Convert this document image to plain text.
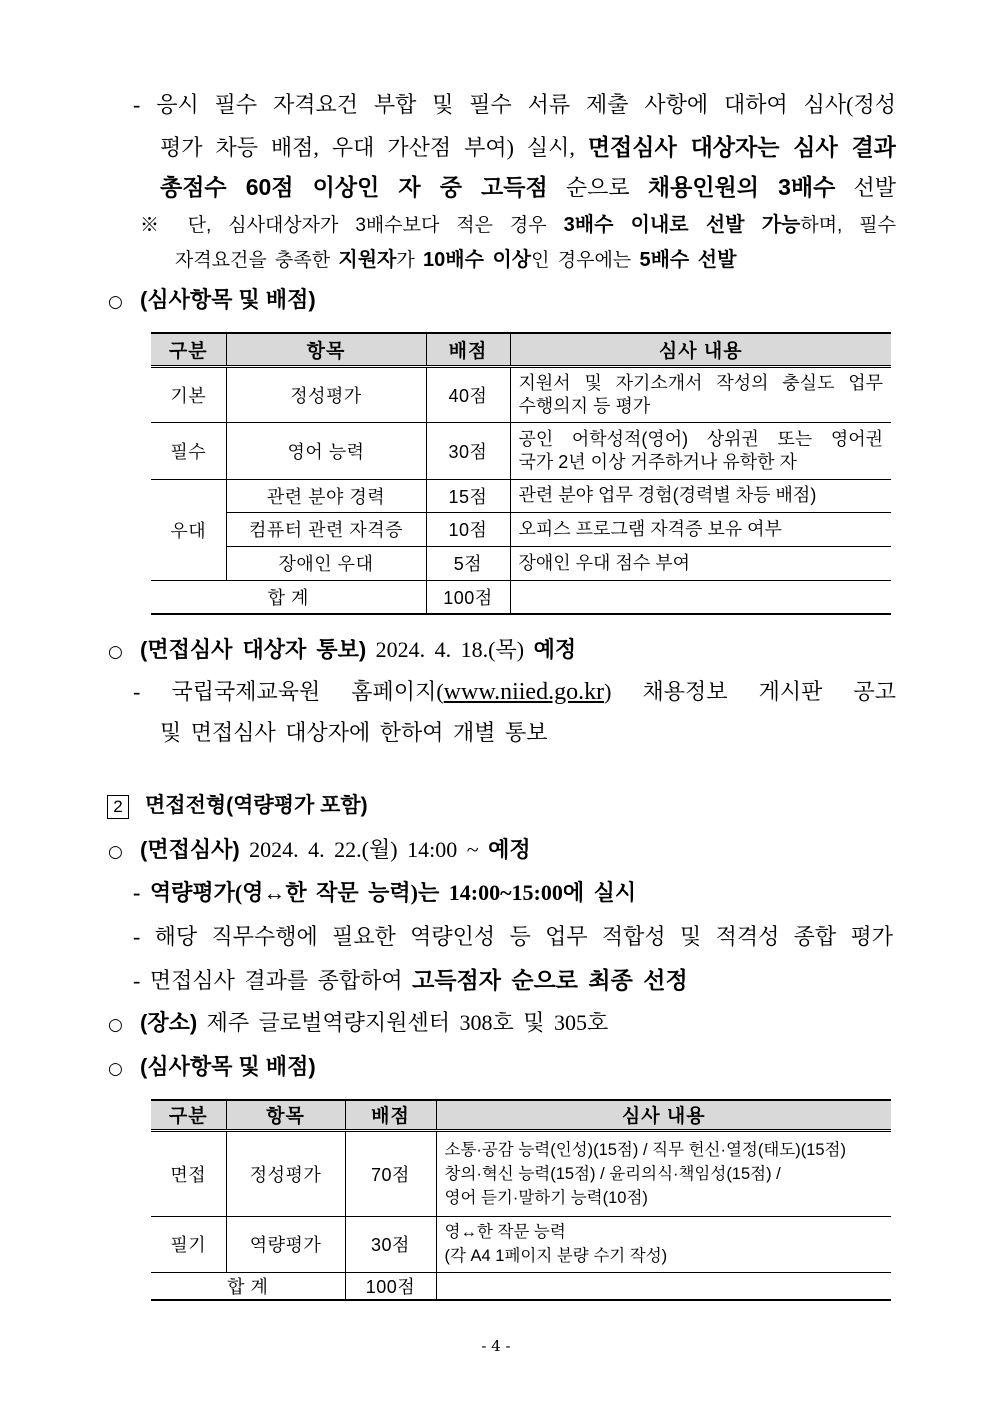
- 응시 필수 자격요건 부합 및 필수 서류 제출 사항에 대하여 심사(정성
평가 차등 배점, 우대 가산점 부여) 실시, 면접심사 대상자는 심사 결과
총점수 60점 이상인 자 중 고득점 순으로 채용인원의 3배수 선발
※ 단, 심사대상자가 3배수보다 적은 경우 3배수 이내로 선발 가능하며, 필수
자격요건을 충족한 지원자가 10배수 이상인 경우에는 5배수 선발
○ (심사항목 및 배점)
구분	항목	배점	심사 내용
기본	정성평가	40점	지원서 및 자기소개서 작성의 충실도 업무
수행의지 등 평가

필수	영어 능력	30점	공인 어학성적(영어) 상위권 또는 영어권
국가 2년 이상 거주하거나 유학한 자

우대	관련 분야 경력	15점	관련 분야 업무 경험(경력별 차등 배점)

	컴퓨터 관련 자격증	10점	오피스 프로그램 자격증 보유 여부

	장애인 우대	5점	장애인 우대 점수 부여

합 계		100점	
○ (면접심사 대상자 통보) 2024. 4. 18.(목) 예정
- 국립국제교육원 홈페이지(www.niied.go.kr) 채용정보 게시판 공고
및 면접심사 대상자에 한하여 개별 통보
2 면접전형(역량평가 포함)
○ (면접심사) 2024. 4. 22.(월) 14:00 ~ 예정
- 역량평가(영↔한 작문 능력)는 14:00~15:00에 실시
- 해당 직무수행에 필요한 역량인성 등 업무 적합성 및 적격성 종합 평가
- 면접심사 결과를 종합하여 고득점자 순으로 최종 선정
○ (장소) 제주 글로벌역량지원센터 308호 및 305호
○ (심사항목 및 배점)
구분	항목	배점	심사 내용
면접	정성평가	70점	소통·공감 능력(인성)(15점) / 직무 헌신·열정(태도)(15점)
창의·혁신 능력(15점) / 윤리의식·책임성(15점) /
영어 듣기·말하기 능력(10점)

필기	역량평가	30점	영↔한 작문 능력
(각 A4 1페이지 분량 수기 작성)

합 계		100점	
- 4 -
